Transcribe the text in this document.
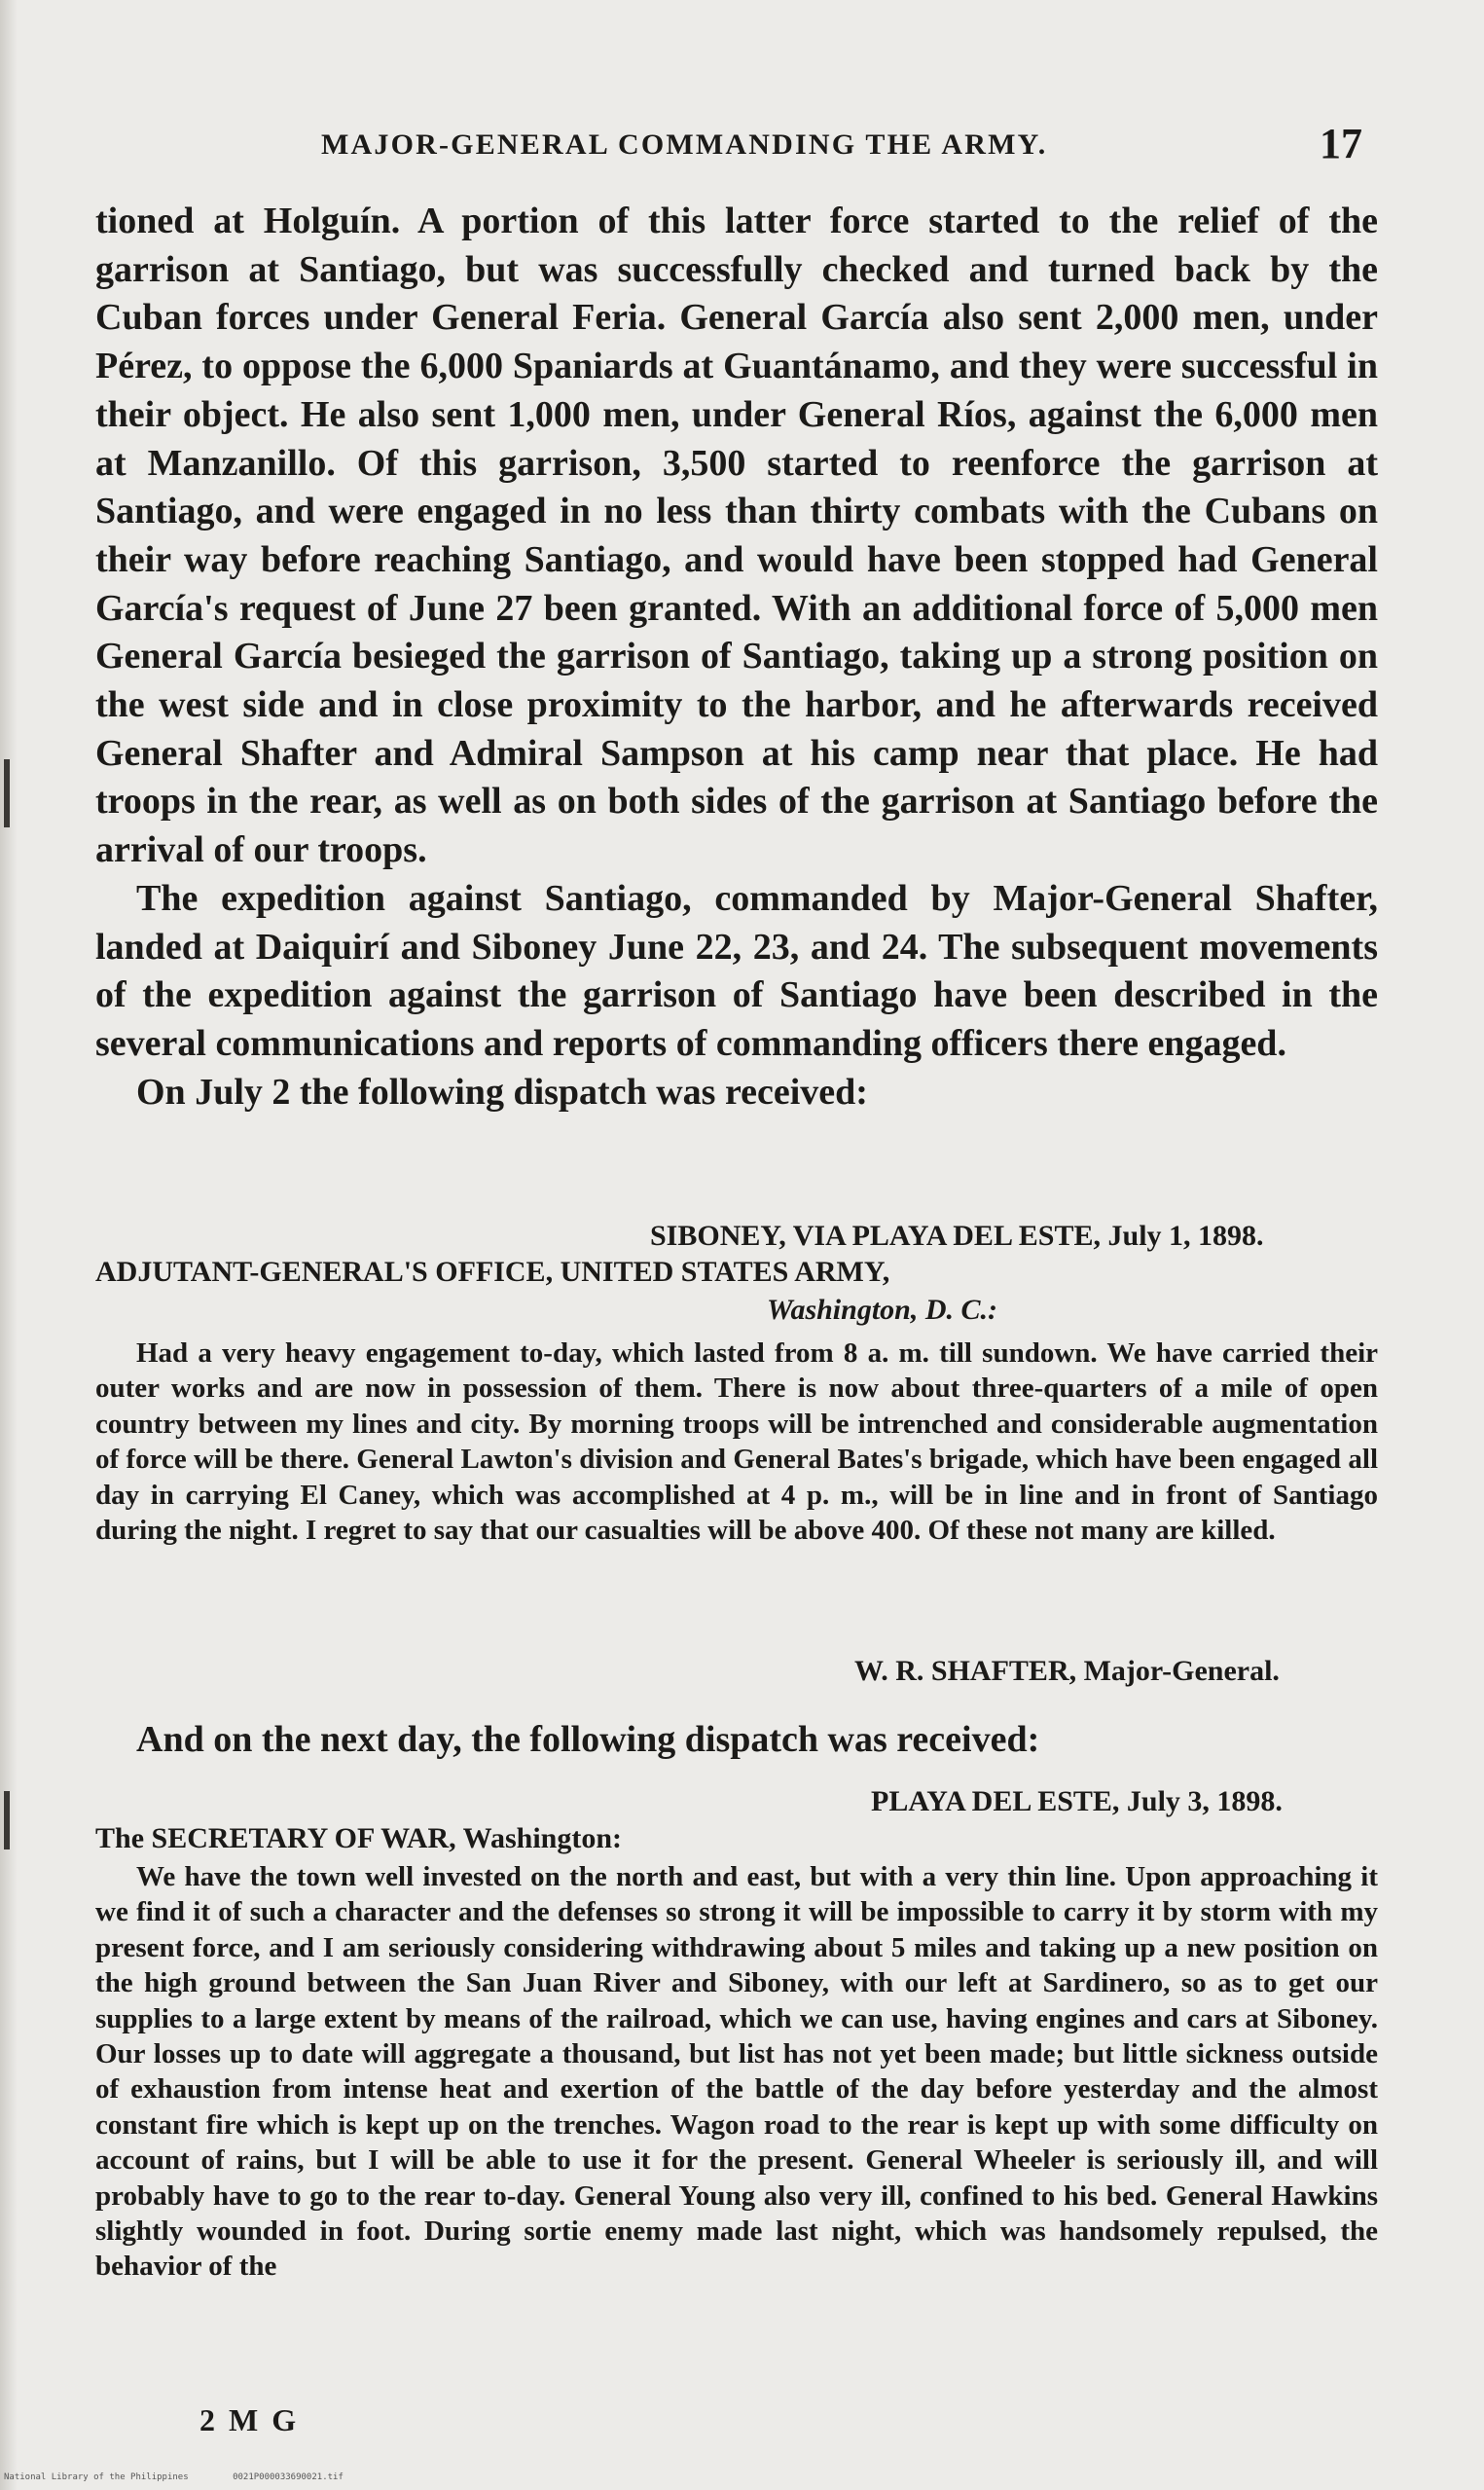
MAJOR-GENERAL COMMANDING THE ARMY.	17

tioned at Holguín. A portion of this latter force started to the relief of the garrison at Santiago, but was successfully checked and turned back by the Cuban forces under General Feria. General García also sent 2,000 men, under Pérez, to oppose the 6,000 Spaniards at Guantánamo, and they were successful in their object. He also sent 1,000 men, under General Ríos, against the 6,000 men at Manzanillo. Of this garrison, 3,500 started to reenforce the garrison at Santiago, and were engaged in no less than thirty combats with the Cubans on their way before reaching Santiago, and would have been stopped had General García's request of June 27 been granted. With an additional force of 5,000 men General García besieged the garrison of Santiago, taking up a strong position on the west side and in close proximity to the harbor, and he afterwards received General Shafter and Admiral Sampson at his camp near that place. He had troops in the rear, as well as on both sides of the garrison at Santiago before the arrival of our troops.

The expedition against Santiago, commanded by Major-General Shafter, landed at Daiquirí and Siboney June 22, 23, and 24. The subsequent movements of the expedition against the garrison of Santiago have been described in the several communications and reports of commanding officers there engaged.

On July 2 the following dispatch was received:

SIBONEY, VIA PLAYA DEL ESTE, July 1, 1898.
ADJUTANT-GENERAL'S OFFICE, UNITED STATES ARMY,
Washington, D. C.:
Had a very heavy engagement to-day, which lasted from 8 a. m. till sundown. We have carried their outer works and are now in possession of them. There is now about three-quarters of a mile of open country between my lines and city. By morning troops will be intrenched and considerable augmentation of force will be there. General Lawton's division and General Bates's brigade, which have been engaged all day in carrying El Caney, which was accomplished at 4 p. m., will be in line and in front of Santiago during the night. I regret to say that our casualties will be above 400. Of these not many are killed.
W. R. SHAFTER, Major-General.
And on the next day, the following dispatch was received:
PLAYA DEL ESTE, July 3, 1898.
The SECRETARY OF WAR, Washington:
We have the town well invested on the north and east, but with a very thin line. Upon approaching it we find it of such a character and the defenses so strong it will be impossible to carry it by storm with my present force, and I am seriously considering withdrawing about 5 miles and taking up a new position on the high ground between the San Juan River and Siboney, with our left at Sardinero, so as to get our supplies to a large extent by means of the railroad, which we can use, having engines and cars at Siboney. Our losses up to date will aggregate a thousand, but list has not yet been made; but little sickness outside of exhaustion from intense heat and exertion of the battle of the day before yesterday and the almost constant fire which is kept up on the trenches. Wagon road to the rear is kept up with some difficulty on account of rains, but I will be able to use it for the present. General Wheeler is seriously ill, and will probably have to go to the rear to-day. General Young also very ill, confined to his bed. General Hawkins slightly wounded in foot. During sortie enemy made last night, which was handsomely repulsed, the behavior of the
2 M G
National Library of the Philippines	0021P000033690021.tif
